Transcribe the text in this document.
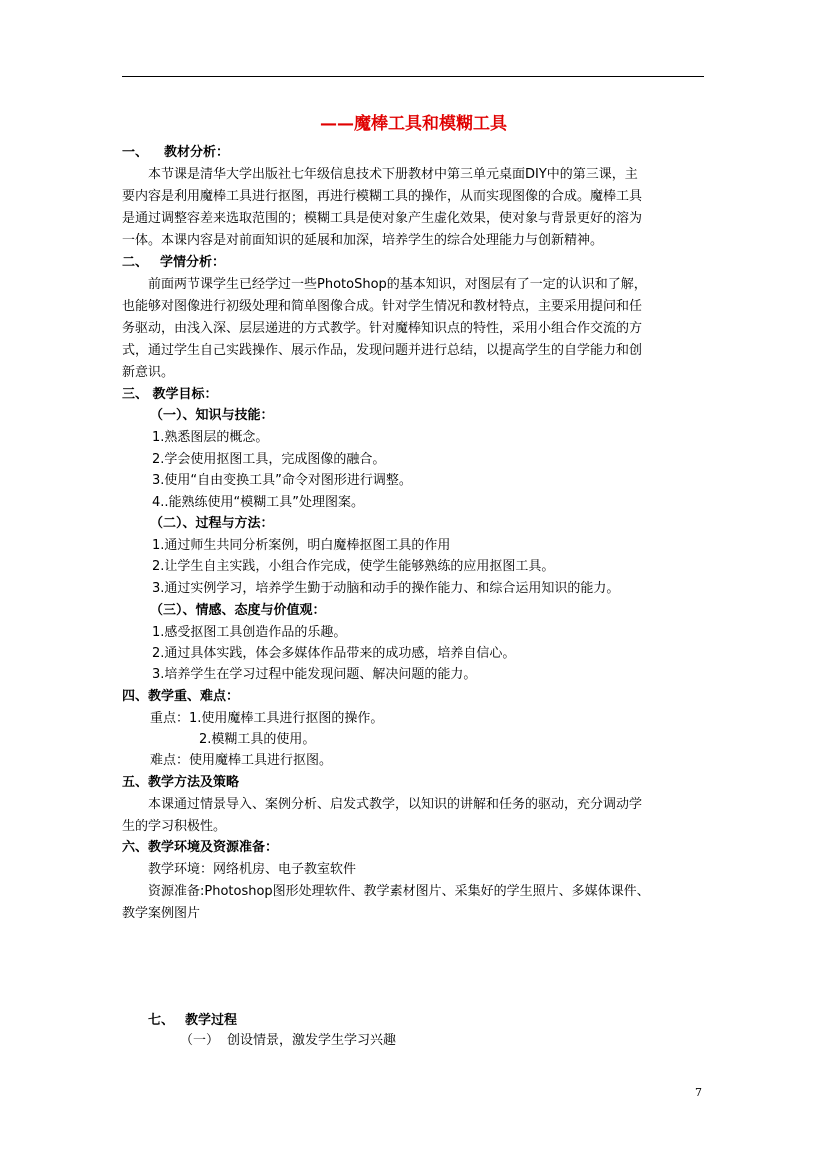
——魔棒工具和模糊工具
一、 教材分析：
本节课是清华大学出版社七年级信息技术下册教材中第三单元桌面DIY中的第三课，主
要内容是利用魔棒工具进行抠图，再进行模糊工具的操作，从而实现图像的合成。魔棒工具
是通过调整容差来选取范围的；模糊工具是使对象产生虚化效果，使对象与背景更好的溶为
一体。本课内容是对前面知识的延展和加深，培养学生的综合处理能力与创新精神。
二、 学情分析：
前面两节课学生已经学过一些PhotoShop的基本知识，对图层有了一定的认识和了解，
也能够对图像进行初级处理和简单图像合成。针对学生情况和教材特点，主要采用提问和任
务驱动，由浅入深、层层递进的方式教学。针对魔棒知识点的特性，采用小组合作交流的方
式，通过学生自己实践操作、展示作品，发现问题并进行总结，以提高学生的自学能力和创
新意识。
三、 教学目标：
（一）、知识与技能：
1.熟悉图层的概念。
2.学会使用抠图工具，完成图像的融合。
3.使用“自由变换工具”命令对图形进行调整。
4..能熟练使用“模糊工具”处理图案。
（二）、过程与方法：
1.通过师生共同分析案例，明白魔棒抠图工具的作用
2.让学生自主实践，小组合作完成，使学生能够熟练的应用抠图工具。
3.通过实例学习，培养学生勤于动脑和动手的操作能力、和综合运用知识的能力。
（三）、情感、态度与价值观：
1.感受抠图工具创造作品的乐趣。
2.通过具体实践，体会多媒体作品带来的成功感，培养自信心。
3.培养学生在学习过程中能发现问题、解决问题的能力。
四、教学重、难点：
重点：1.使用魔棒工具进行抠图的操作。
2.模糊工具的使用。
难点：使用魔棒工具进行抠图。
五、教学方法及策略
本课通过情景导入、案例分析、启发式教学，以知识的讲解和任务的驱动，充分调动学
生的学习积极性。
六、教学环境及资源准备：
教学环境：网络机房、电子教室软件
资源准备:Photoshop图形处理软件、教学素材图片、采集好的学生照片、多媒体课件、
教学案例图片
七、 教学过程
（一） 创设情景，激发学生学习兴趣
7
